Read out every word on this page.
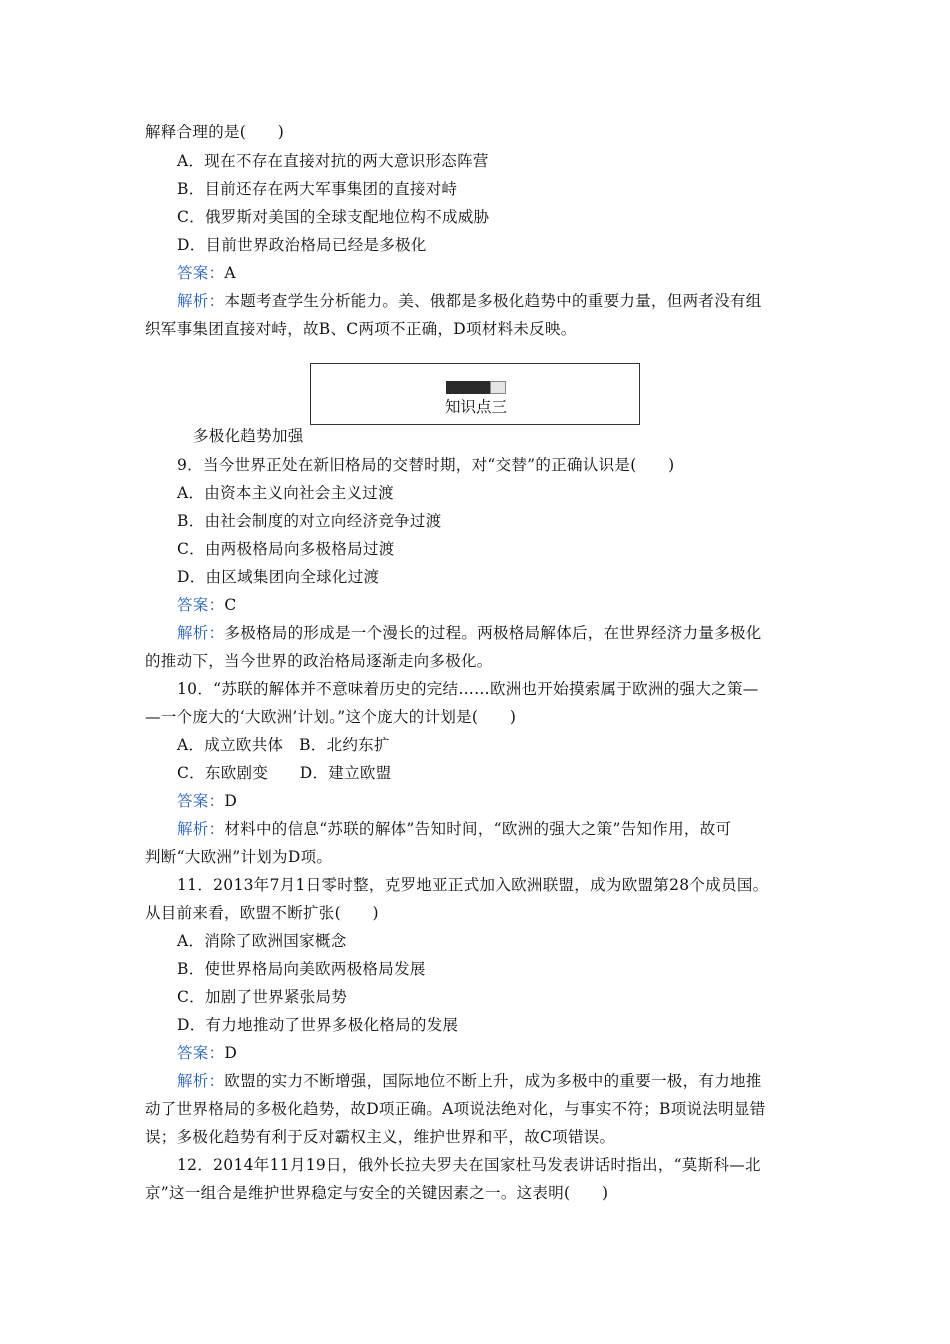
解释合理的是(　　)
A．现在不存在直接对抗的两大意识形态阵营
B．目前还存在两大军事集团的直接对峙
C．俄罗斯对美国的全球支配地位构不成威胁
D．目前世界政治格局已经是多极化
答案：A
解析：本题考查学生分析能力。美、俄都是多极化趋势中的重要力量，但两者没有组
织军事集团直接对峙，故B、C两项不正确，D项材料未反映。
知识点三
多极化趋势加强
9．当今世界正处在新旧格局的交替时期，对“交替”的正确认识是(　　)
A．由资本主义向社会主义过渡
B．由社会制度的对立向经济竞争过渡
C．由两极格局向多极格局过渡
D．由区域集团向全球化过渡
答案：C
解析：多极格局的形成是一个漫长的过程。两极格局解体后，在世界经济力量多极化
的推动下，当今世界的政治格局逐渐走向多极化。
10．“苏联的解体并不意味着历史的完结……欧洲也开始摸索属于欧洲的强大之策—
—一个庞大的‘大欧洲’计划。”这个庞大的计划是(　　)
A．成立欧共体　B．北约东扩
C．东欧剧变　　D．建立欧盟
答案：D
解析：材料中的信息“苏联的解体”告知时间，“欧洲的强大之策”告知作用，故可
判断“大欧洲”计划为D项。
11．2013年7月1日零时整，克罗地亚正式加入欧洲联盟，成为欧盟第28个成员国。
从目前来看，欧盟不断扩张(　　)
A．消除了欧洲国家概念
B．使世界格局向美欧两极格局发展
C．加剧了世界紧张局势
D．有力地推动了世界多极化格局的发展
答案：D
解析：欧盟的实力不断增强，国际地位不断上升，成为多极中的重要一极，有力地推
动了世界格局的多极化趋势，故D项正确。A项说法绝对化，与事实不符；B项说法明显错
误；多极化趋势有利于反对霸权主义，维护世界和平，故C项错误。
12．2014年11月19日，俄外长拉夫罗夫在国家杜马发表讲话时指出，“莫斯科—北
京”这一组合是维护世界稳定与安全的关键因素之一。这表明(　　)
